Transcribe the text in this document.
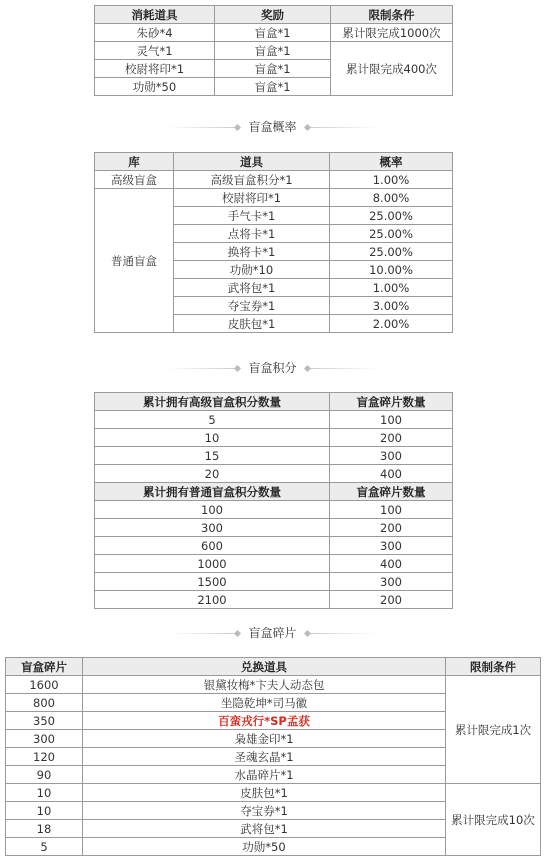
消耗道具	奖励	限制条件
朱砂*4	盲盒*1	累计限完成1000次
灵气*1	盲盒*1	累计限完成400次
校尉将印*1	盲盒*1	
功勋*50	盲盒*1	
盲盒概率
库	道具	概率
高级盲盒	高级盲盒积分*1	1.00%
普通盲盒	校尉将印*1	8.00%
	手气卡*1	25.00%
	点将卡*1	25.00%
	换将卡*1	25.00%
	功勋*10	10.00%
	武将包*1	1.00%
	夺宝券*1	3.00%
	皮肤包*1	2.00%
盲盒积分
累计拥有高级盲盒积分数量	盲盒碎片数量
5	100
10	200
15	300
20	400
累计拥有普通盲盒积分数量	盲盒碎片数量
100	100
300	200
600	300
1000	400
1500	300
2100	200
盲盒碎片
盲盒碎片	兑换道具	限制条件
1600	银黛妆梅*卞夫人动态包	累计限完成1次
800	坐隐乾坤*司马徽	
350	百蛮戎行*SP孟获	
300	枭雄金印*1	
120	圣魂玄晶*1	
90	水晶碎片*1	
10	皮肤包*1	累计限完成10次
10	夺宝券*1	
18	武将包*1	
5	功勋*50	
